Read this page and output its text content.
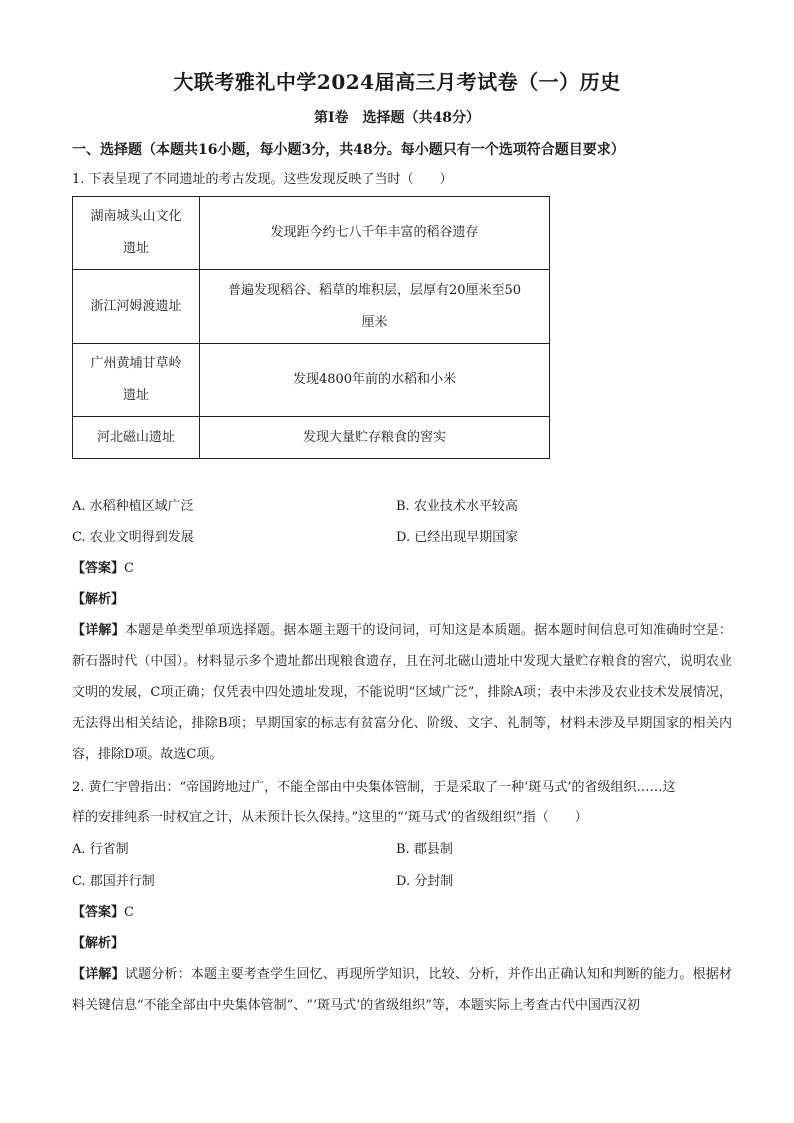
大联考雅礼中学2024届高三月考试卷（一）历史
第Ⅰ卷　选择题（共48分）
一、选择题（本题共16小题，每小题3分，共48分。每小题只有一个选项符合题目要求）
1. 下表呈现了不同遗址的考古发现。这些发现反映了当时（　　）
湖南城头山文化
遗址	发现距今约七八千年丰富的稻谷遗存

浙江河姆渡遗址	普遍发现稻谷、稻草的堆积层，层厚有20厘米至50
厘米

广州黄埔甘草岭
遗址	发现4800年前的水稻和小米

河北磁山遗址	发现大量贮存粮食的窖实
A. 水稻种植区域广泛	B. 农业技术水平较高
C. 农业文明得到发展	D. 已经出现早期国家
【答案】C
【解析】
【详解】本题是单类型单项选择题。据本题主题干的设问词，可知这是本质题。据本题时间信息可知准确时空是：新石器时代（中国）。材料显示多个遗址都出现粮食遗存，且在河北磁山遗址中发现大量贮存粮食的窖穴，说明农业文明的发展，C项正确；仅凭表中四处遗址发现，不能说明“区域广泛”，排除A项；表中未涉及农业技术发展情况，无法得出相关结论，排除B项；早期国家的标志有贫富分化、阶级、文字、礼制等，材料未涉及早期国家的相关内容，排除D项。故选C项。
2. 黄仁宇曾指出：“帝国跨地过广，不能全部由中央集体管制，于是采取了一种‘斑马式’的省级组织……这
样的安排纯系一时权宜之计，从未预计长久保持。”这里的“‘斑马式’的省级组织”指（　　）
A. 行省制	B. 郡县制
C. 郡国并行制	D. 分封制
【答案】C
【解析】
【详解】试题分析：本题主要考查学生回忆、再现所学知识，比较、分析，并作出正确认知和判断的能力。根据材料关键信息“不能全部由中央集体管制”、“‘斑马式’的省级组织”等，本题实际上考查古代中国西汉初
